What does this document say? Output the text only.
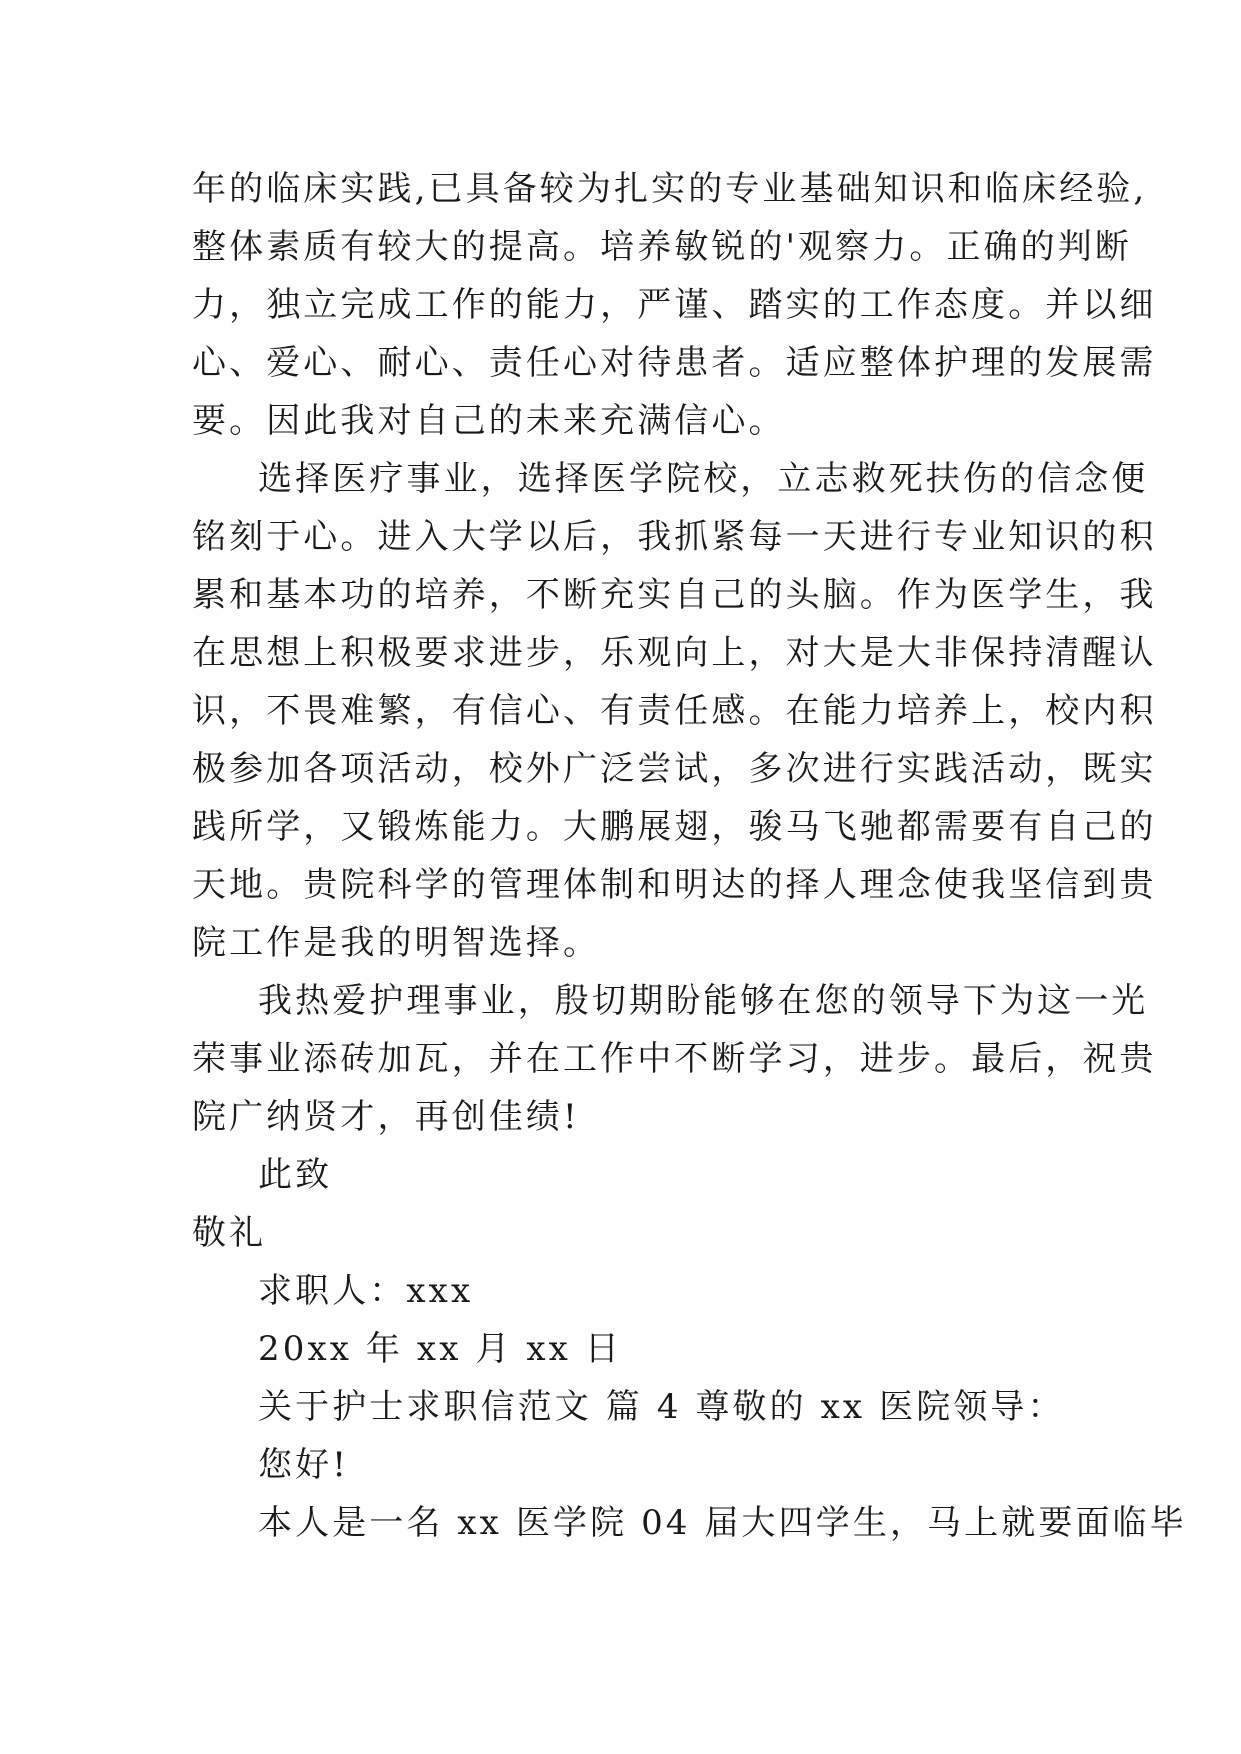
年的临床实践,已具备较为扎实的专业基础知识和临床经验,
整体素质有较大的提高。培养敏锐的'观察力。正确的判断
力，独立完成工作的能力，严谨、踏实的工作态度。并以细
心、爱心、耐心、责任心对待患者。适应整体护理的发展需
要。因此我对自己的未来充满信心。
选择医疗事业，选择医学院校，立志救死扶伤的信念便
铭刻于心。进入大学以后，我抓紧每一天进行专业知识的积
累和基本功的培养，不断充实自己的头脑。作为医学生，我
在思想上积极要求进步，乐观向上，对大是大非保持清醒认
识，不畏难繁，有信心、有责任感。在能力培养上，校内积
极参加各项活动，校外广泛尝试，多次进行实践活动，既实
践所学，又锻炼能力。大鹏展翅，骏马飞驰都需要有自己的
天地。贵院科学的管理体制和明达的择人理念使我坚信到贵
院工作是我的明智选择。
我热爱护理事业，殷切期盼能够在您的领导下为这一光
荣事业添砖加瓦，并在工作中不断学习，进步。最后，祝贵
院广纳贤才，再创佳绩!
此致
敬礼
求职人：xxx
20xx 年 xx 月 xx 日
关于护士求职信范文 篇 4 尊敬的 xx 医院领导：
您好!
本人是一名 xx 医学院 04 届大四学生，马上就要面临毕
